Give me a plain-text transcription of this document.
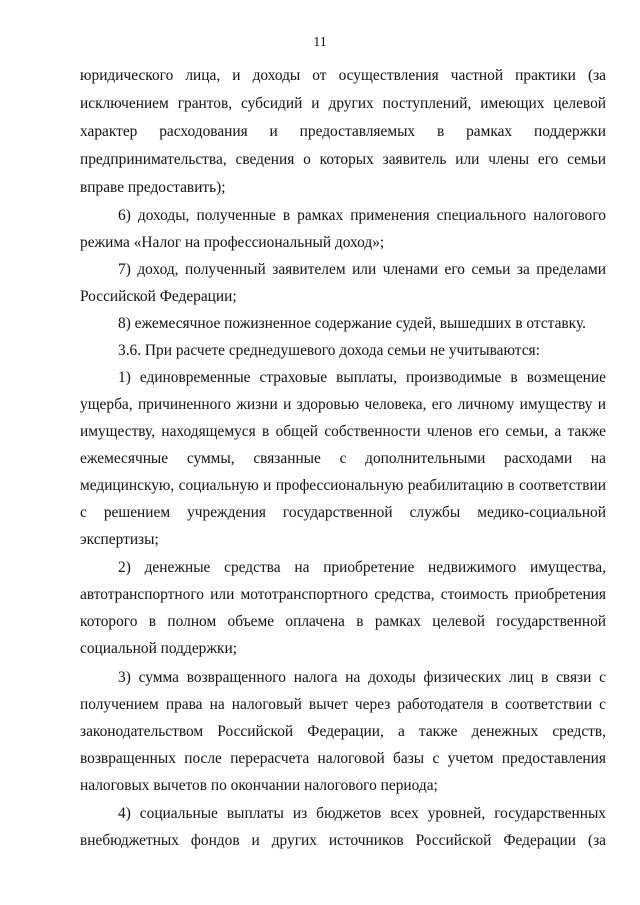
11
юридического лица, и доходы от осуществления частной практики (за
исключением грантов, субсидий и других поступлений, имеющих целевой
характер расходования и предоставляемых в рамках поддержки
предпринимательства, сведения о которых заявитель или члены его семьи
вправе предоставить);
6) доходы, полученные в рамках применения специального налогового
режима «Налог на профессиональный доход»;
7) доход, полученный заявителем или членами его семьи за пределами
Российской Федерации;
8) ежемесячное пожизненное содержание судей, вышедших в отставку.
3.6. При расчете среднедушевого дохода семьи не учитываются:
1) единовременные страховые выплаты, производимые в возмещение
ущерба, причиненного жизни и здоровью человека, его личному имуществу и
имуществу, находящемуся в общей собственности членов его семьи, а также
ежемесячные суммы, связанные с дополнительными расходами на
медицинскую, социальную и профессиональную реабилитацию в соответствии
с решением учреждения государственной службы медико-социальной
экспертизы;
2) денежные средства на приобретение недвижимого имущества,
автотранспортного или мототранспортного средства, стоимость приобретения
которого в полном объеме оплачена в рамках целевой государственной
социальной поддержки;
3) сумма возвращенного налога на доходы физических лиц в связи с
получением права на налоговый вычет через работодателя в соответствии с
законодательством Российской Федерации, а также денежных средств,
возвращенных после перерасчета налоговой базы с учетом предоставления
налоговых вычетов по окончании налогового периода;
4) социальные выплаты из бюджетов всех уровней, государственных
внебюджетных фондов и других источников Российской Федерации (за
